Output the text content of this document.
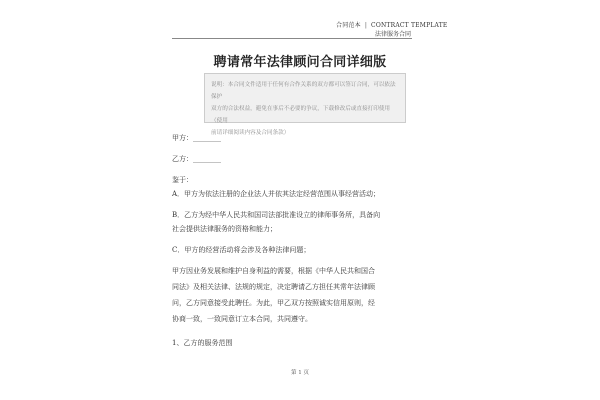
合同范本 | CONTRACT TEMPLATE
法律服务合同
聘请常年法律顾问合同详细版
说明：本合同文件适用于任何有合作关系的双方都可以签订合同，可以依法保护
双方的合法权益，避免在事后不必要的争议，下载修改后或直接打印使用（使用
前请详细阅读内容及合同条款）
甲方：________
乙方：________
鉴于：
A．甲方为依法注册的企业法人并依其法定经营范围从事经营活动；
B．乙方为经中华人民共和国司法部批准设立的律师事务所，具备向
社会提供法律服务的资格和能力；
C．甲方的经营活动将会涉及各种法律问题；
甲方因业务发展和维护自身利益的需要，根据《中华人民共和国合
同法》及相关法律、法规的规定，决定聘请乙方担任其常年法律顾
问，乙方同意接受此聘任。为此，甲乙双方按照诚实信用原则，经
协商一致，一致同意订立本合同，共同遵守。
1、乙方的服务范围
第 1 页
